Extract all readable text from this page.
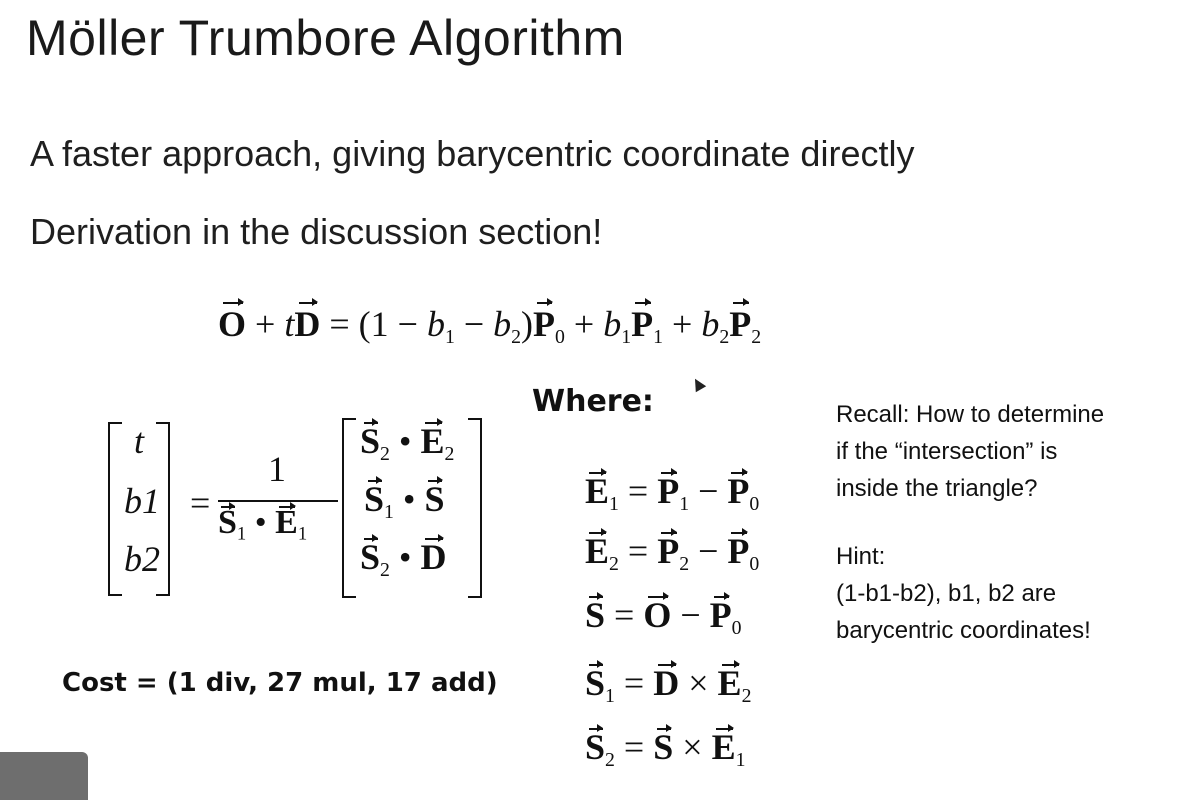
Möller Trumbore Algorithm
A faster approach, giving barycentric coordinate directly
Derivation in the discussion section!
O + tD = $(1 - b_1 - b_2)P_0 + b_1P_1 + b_2P_2$
t
b1
b2
=
1
$S_1$ • $E_1$
$S_2$ • $E_2$
$S_1$ • S
$S_2$ • D
Where:
$E_1 = P_1 - P_0$
$E_2 = P_2 - P_0$
$S = O - P_0$
$S_1 = D \times E_2$
$S_2 = S \times E_1$
Cost = (1 div, 27 mul, 17 add)
Recall: How to determine
if the “intersection” is
inside the triangle?
Hint:
(1-b1-b2), b1, b2 are
barycentric coordinates!
